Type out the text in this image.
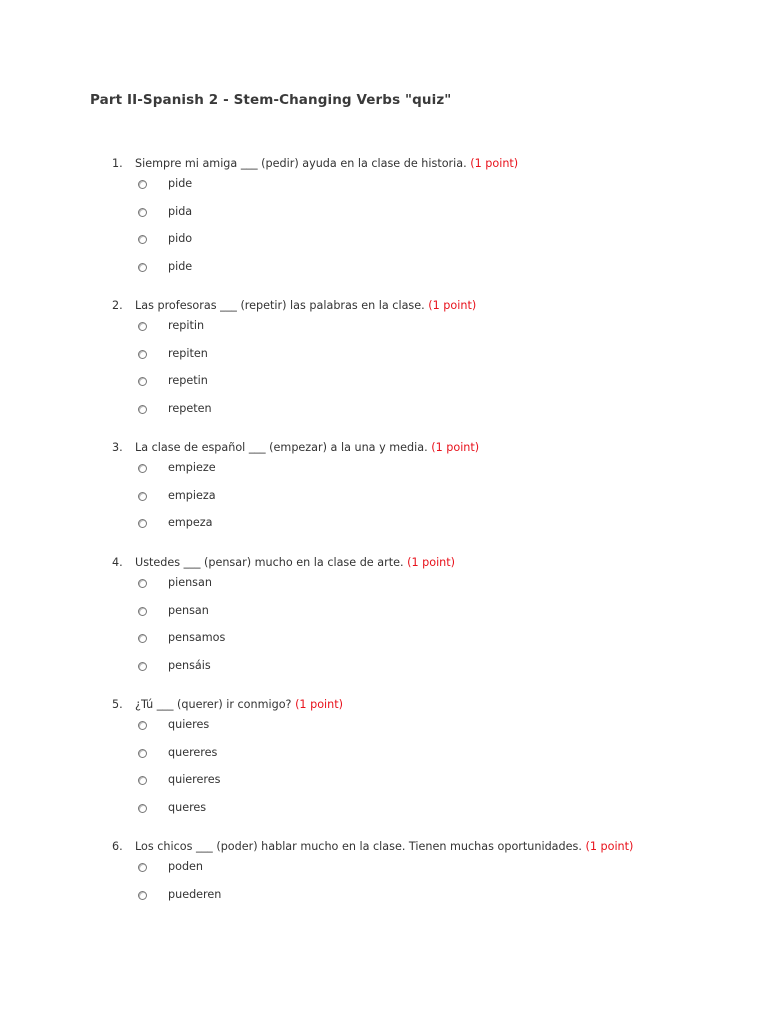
Part II-Spanish 2 - Stem-Changing Verbs "quiz"
1. Siempre mi amiga ___ (pedir) ayuda en la clase de historia. (1 point)
pide
pida
pido
pide
2. Las profesoras ___ (repetir) las palabras en la clase. (1 point)
repitin
repiten
repetin
repeten
3. La clase de español ___ (empezar) a la una y media. (1 point)
empieze
empieza
empeza
4. Ustedes ___ (pensar) mucho en la clase de arte. (1 point)
piensan
pensan
pensamos
pensáis
5. ¿Tú ___ (querer) ir conmigo? (1 point)
quieres
quereres
quiereres
queres
6. Los chicos ___ (poder) hablar mucho en la clase. Tienen muchas oportunidades. (1 point)
poden
puederen
